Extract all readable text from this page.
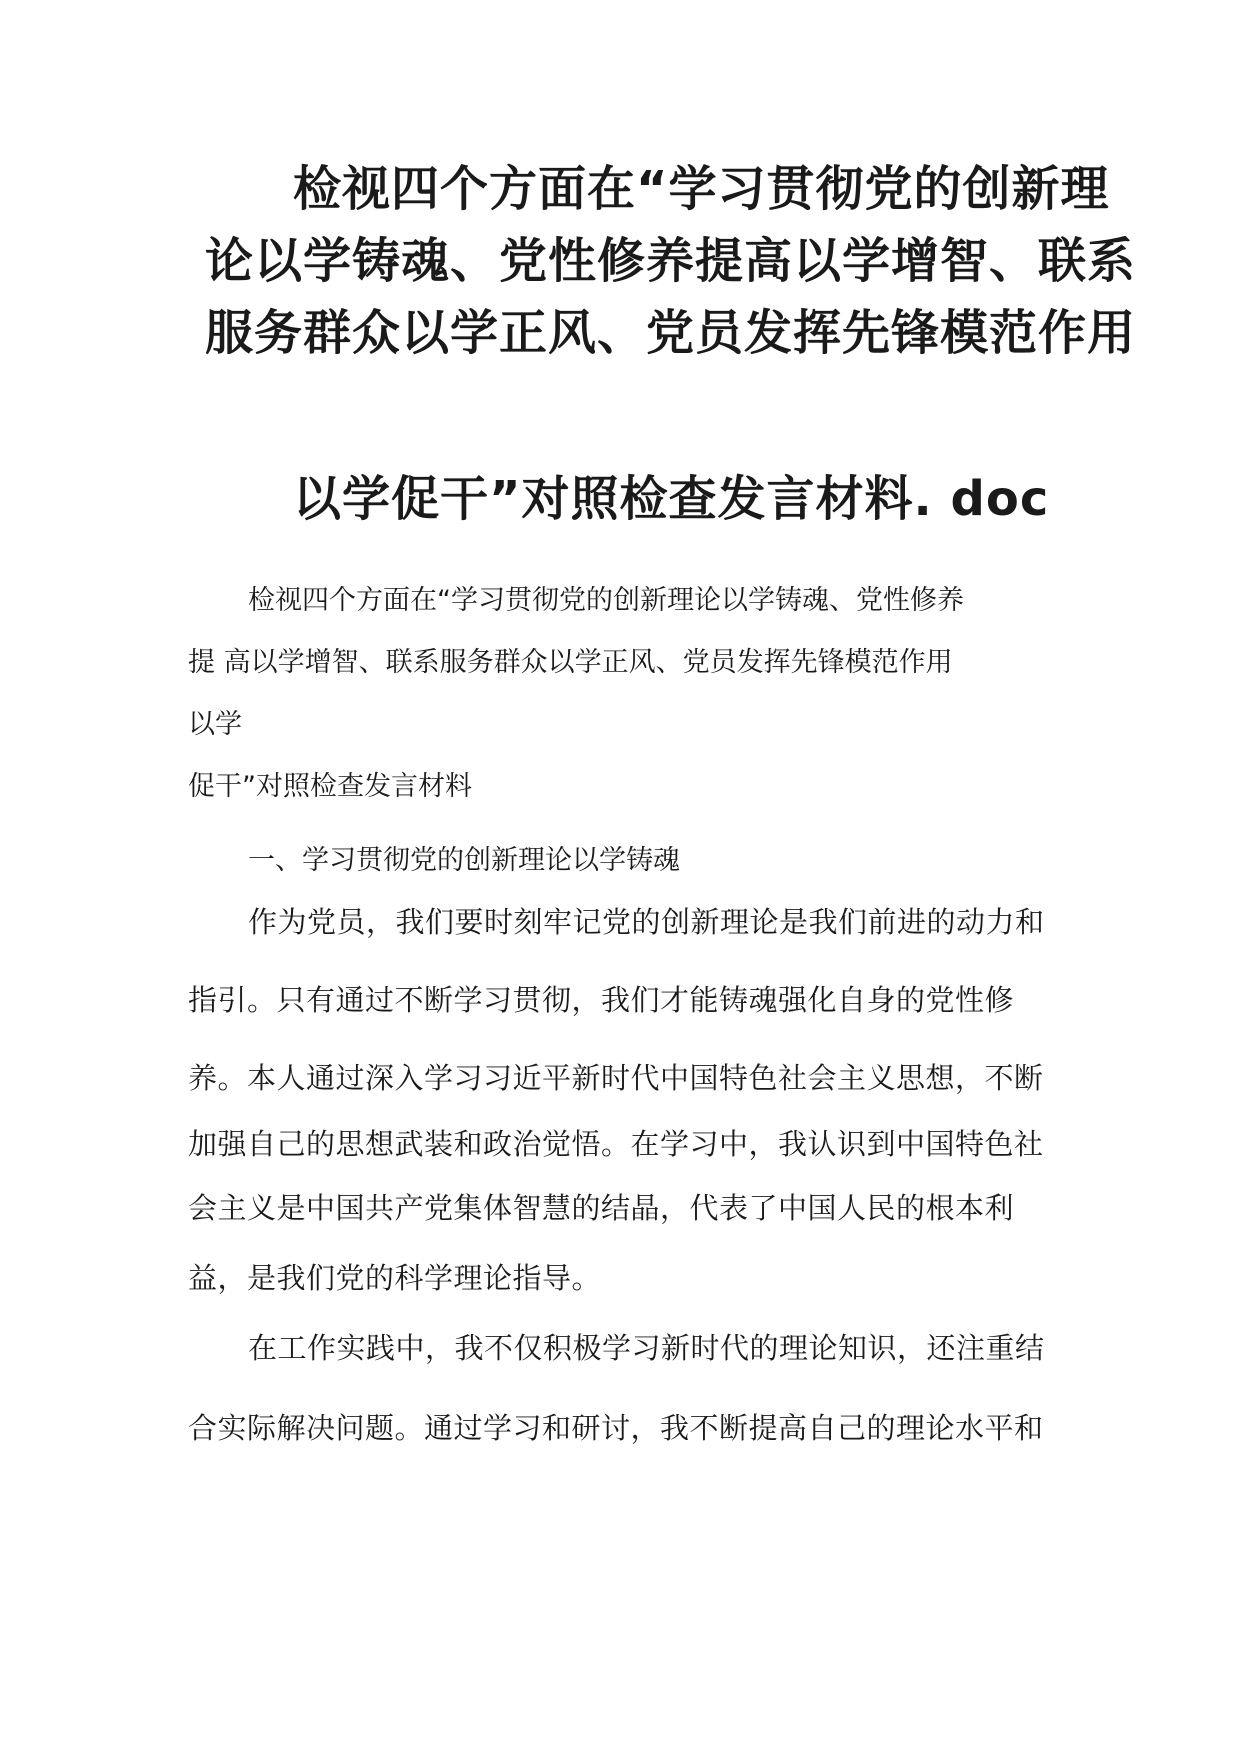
检视四个方面在“学习贯彻党的创新理
论以学铸魂、党性修养提高以学增智、联系
服务群众以学正风、党员发挥先锋模范作用
以学促干”对照检查发言材料. doc

检视四个方面在“学习贯彻党的创新理论以学铸魂、党性修养

提 高以学增智、联系服务群众以学正风、党员发挥先锋模范作用

以学

促干”对照检查发言材料

一、学习贯彻党的创新理论以学铸魂

作为党员，我们要时刻牢记党的创新理论是我们前进的动力和

指引。只有通过不断学习贯彻，我们才能铸魂强化自身的党性修

养。本人通过深入学习习近平新时代中国特色社会主义思想，不断

加强自己的思想武装和政治觉悟。在学习中，我认识到中国特色社

会主义是中国共产党集体智慧的结晶，代表了中国人民的根本利

益，是我们党的科学理论指导。

在工作实践中，我不仅积极学习新时代的理论知识，还注重结

合实际解决问题。通过学习和研讨，我不断提高自己的理论水平和
